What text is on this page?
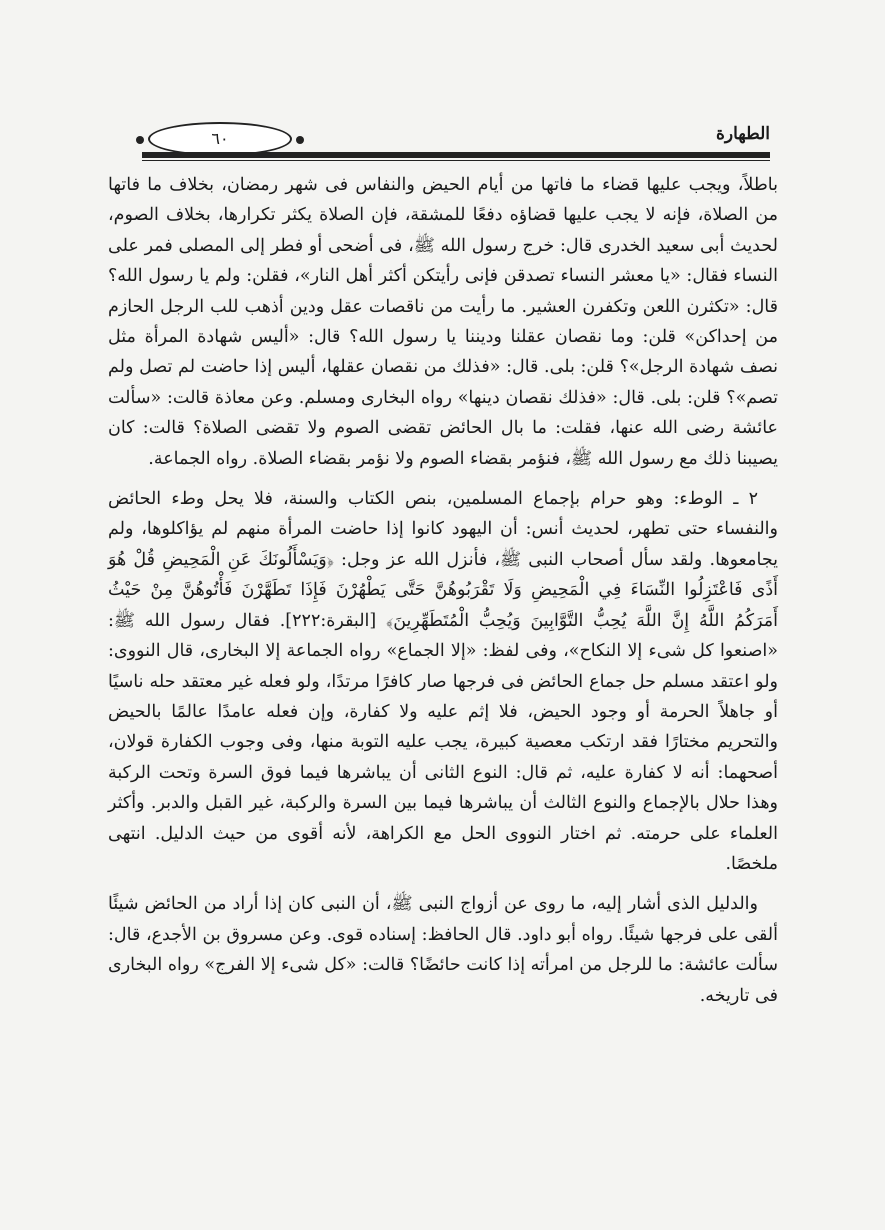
٦٠	الطهارة

باطلاً، ويجب عليها قضاء ما فاتها من أيام الحيض والنفاس فى شهر رمضان، بخلاف ما فاتها من الصلاة، فإنه لا يجب عليها قضاؤه دفعًا للمشقة، فإن الصلاة يكثر تكرارها، بخلاف الصوم، لحديث أبى سعيد الخدرى قال: خرج رسول الله ﷺ، فى أضحى أو فطر إلى المصلى فمر على النساء فقال: «يا معشر النساء تصدقن فإنى رأيتكن أكثر أهل النار»، فقلن: ولم يا رسول الله؟ قال: «تكثرن اللعن وتكفرن العشير. ما رأيت من ناقصات عقل ودين أذهب للب الرجل الحازم من إحداكن» قلن: وما نقصان عقلنا وديننا يا رسول الله؟ قال: «أليس شهادة المرأة مثل نصف شهادة الرجل»؟ قلن: بلى. قال: «فذلك من نقصان عقلها، أليس إذا حاضت لم تصل ولم تصم»؟ قلن: بلى. قال: «فذلك نقصان دينها» رواه البخارى ومسلم. وعن معاذة قالت: «سألت عائشة رضى الله عنها، فقلت: ما بال الحائض تقضى الصوم ولا تقضى الصلاة؟ قالت: كان يصيبنا ذلك مع رسول الله ﷺ، فنؤمر بقضاء الصوم ولا نؤمر بقضاء الصلاة. رواه الجماعة.

٢ ـ الوطء: وهو حرام بإجماع المسلمين، بنص الكتاب والسنة، فلا يحل وطء الحائض والنفساء حتى تطهر، لحديث أنس: أن اليهود كانوا إذا حاضت المرأة منهم لم يؤاكلوها، ولم يجامعوها. ولقد سأل أصحاب النبى ﷺ، فأنزل الله عز وجل: ﴿وَيَسْأَلُونَكَ عَنِ الْمَحِيضِ قُلْ هُوَ أَذًى فَاعْتَزِلُوا النِّسَاءَ فِي الْمَحِيضِ وَلَا تَقْرَبُوهُنَّ حَتَّى يَطْهُرْنَ فَإِذَا تَطَهَّرْنَ فَأْتُوهُنَّ مِنْ حَيْثُ أَمَرَكُمُ اللَّهُ إِنَّ اللَّهَ يُحِبُّ التَّوَّابِينَ وَيُحِبُّ الْمُتَطَهِّرِينَ﴾ [البقرة:٢٢٢]. فقال رسول الله ﷺ: «اصنعوا كل شىء إلا النكاح»، وفى لفظ: «إلا الجماع» رواه الجماعة إلا البخارى، قال النووى: ولو اعتقد مسلم حل جماع الحائض فى فرجها صار كافرًا مرتدًا، ولو فعله غير معتقد حله ناسيًا أو جاهلاً الحرمة أو وجود الحيض، فلا إثم عليه ولا كفارة، وإن فعله عامدًا عالمًا بالحيض والتحريم مختارًا فقد ارتكب معصية كبيرة، يجب عليه التوبة منها، وفى وجوب الكفارة قولان، أصحهما: أنه لا كفارة عليه، ثم قال: النوع الثانى أن يباشرها فيما فوق السرة وتحت الركبة وهذا حلال بالإجماع والنوع الثالث أن يباشرها فيما بين السرة والركبة، غير القبل والدبر. وأكثر العلماء على حرمته. ثم اختار النووى الحل مع الكراهة، لأنه أقوى من حيث الدليل. انتهى ملخصًا.

والدليل الذى أشار إليه، ما روى عن أزواج النبى ﷺ، أن النبى كان إذا أراد من الحائض شيئًا ألقى على فرجها شيئًا. رواه أبو داود. قال الحافظ: إسناده قوى. وعن مسروق بن الأجدع، قال: سألت عائشة: ما للرجل من امرأته إذا كانت حائضًا؟ قالت: «كل شىء إلا الفرج» رواه البخارى فى تاريخه.
